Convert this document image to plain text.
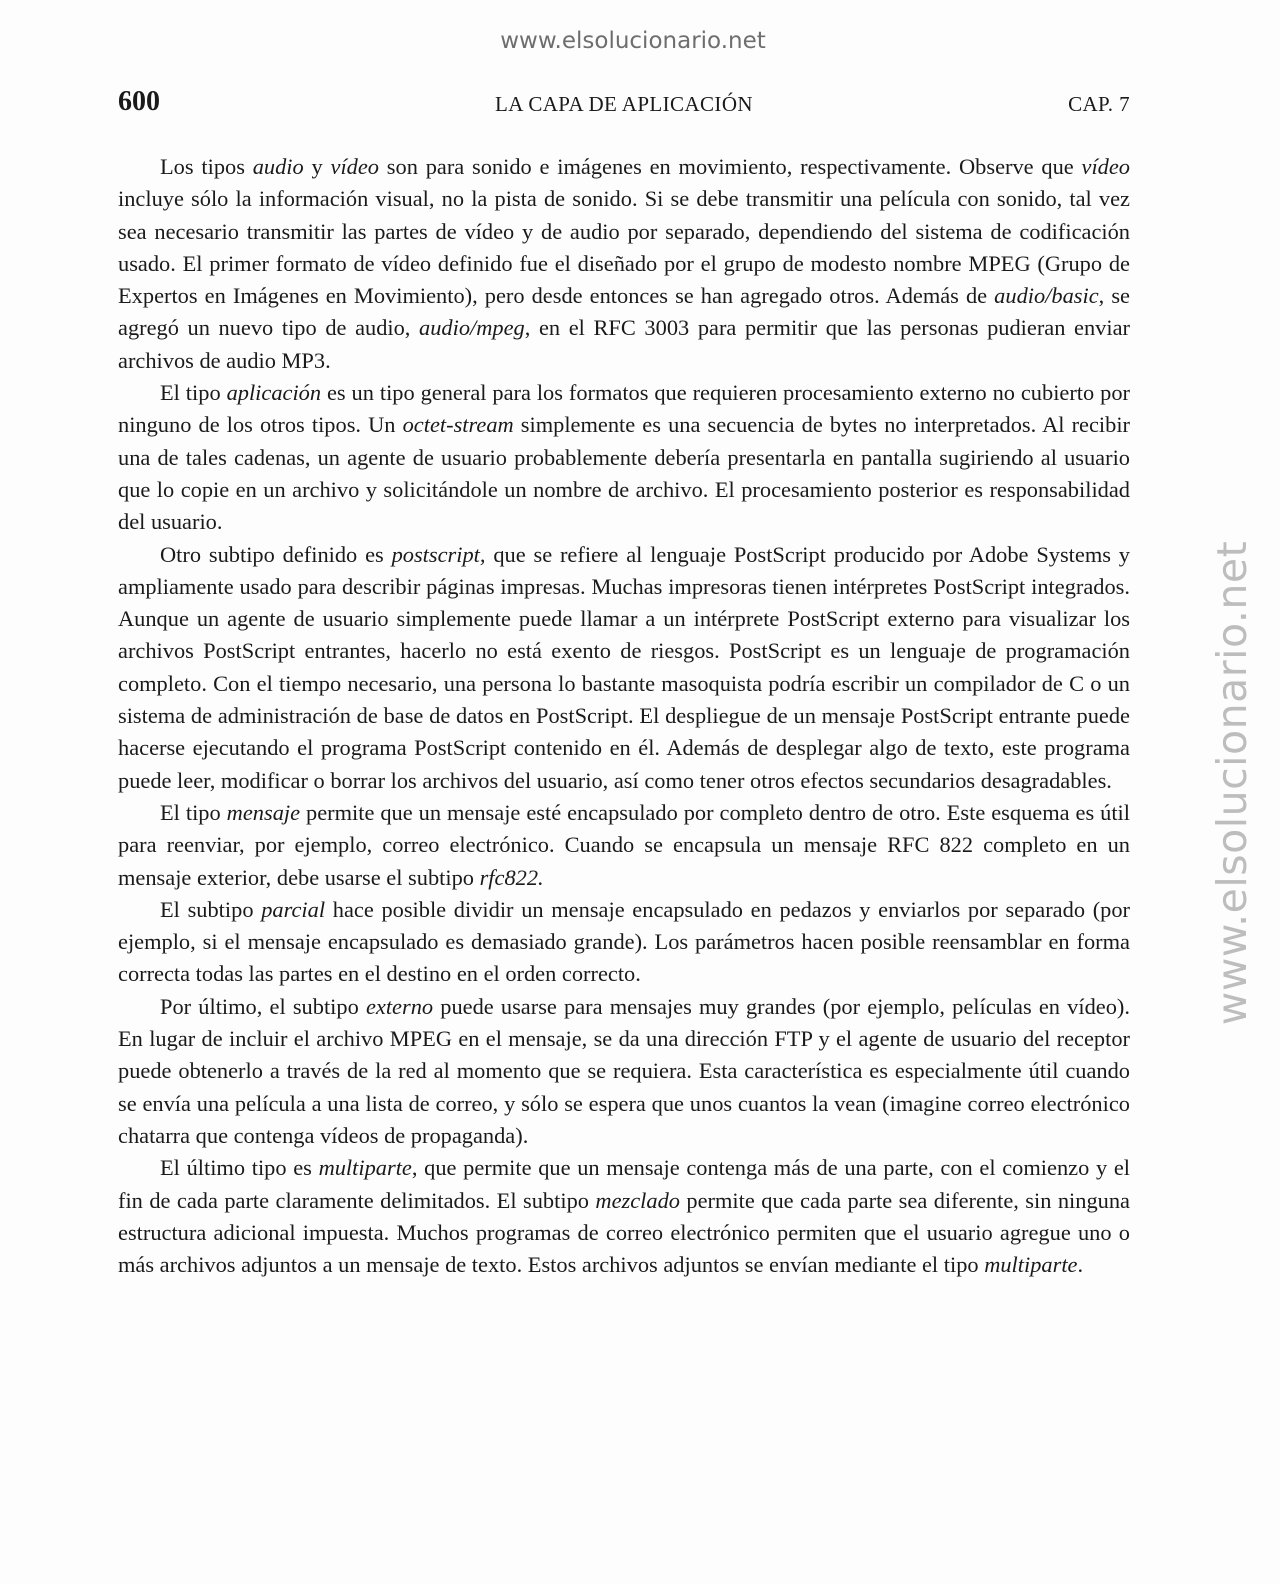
www.elsolucionario.net
www.elsolucionario.net
600	LA CAPA DE APLICACIÓN	CAP. 7

Los tipos audio y vídeo son para sonido e imágenes en movimiento, respectivamente. Observe que vídeo incluye sólo la información visual, no la pista de sonido. Si se debe transmitir una película con sonido, tal vez sea necesario transmitir las partes de vídeo y de audio por separado, dependiendo del sistema de codificación usado. El primer formato de vídeo definido fue el diseñado por el grupo de modesto nombre MPEG (Grupo de Expertos en Imágenes en Movimiento), pero desde entonces se han agregado otros. Además de audio/basic, se agregó un nuevo tipo de audio, audio/mpeg, en el RFC 3003 para permitir que las personas pudieran enviar archivos de audio MP3.

El tipo aplicación es un tipo general para los formatos que requieren procesamiento externo no cubierto por ninguno de los otros tipos. Un octet-stream simplemente es una secuencia de bytes no interpretados. Al recibir una de tales cadenas, un agente de usuario probablemente debería presentarla en pantalla sugiriendo al usuario que lo copie en un archivo y solicitándole un nombre de archivo. El procesamiento posterior es responsabilidad del usuario.

Otro subtipo definido es postscript, que se refiere al lenguaje PostScript producido por Adobe Systems y ampliamente usado para describir páginas impresas. Muchas impresoras tienen intérpretes PostScript integrados. Aunque un agente de usuario simplemente puede llamar a un intérprete PostScript externo para visualizar los archivos PostScript entrantes, hacerlo no está exento de riesgos. PostScript es un lenguaje de programación completo. Con el tiempo necesario, una persona lo bastante masoquista podría escribir un compilador de C o un sistema de administración de base de datos en PostScript. El despliegue de un mensaje PostScript entrante puede hacerse ejecutando el programa PostScript contenido en él. Además de desplegar algo de texto, este programa puede leer, modificar o borrar los archivos del usuario, así como tener otros efectos secundarios desagradables.

El tipo mensaje permite que un mensaje esté encapsulado por completo dentro de otro. Este esquema es útil para reenviar, por ejemplo, correo electrónico. Cuando se encapsula un mensaje RFC 822 completo en un mensaje exterior, debe usarse el subtipo rfc822.

El subtipo parcial hace posible dividir un mensaje encapsulado en pedazos y enviarlos por separado (por ejemplo, si el mensaje encapsulado es demasiado grande). Los parámetros hacen posible reensamblar en forma correcta todas las partes en el destino en el orden correcto.

Por último, el subtipo externo puede usarse para mensajes muy grandes (por ejemplo, películas en vídeo). En lugar de incluir el archivo MPEG en el mensaje, se da una dirección FTP y el agente de usuario del receptor puede obtenerlo a través de la red al momento que se requiera. Esta característica es especialmente útil cuando se envía una película a una lista de correo, y sólo se espera que unos cuantos la vean (imagine correo electrónico chatarra que contenga vídeos de propaganda).

El último tipo es multiparte, que permite que un mensaje contenga más de una parte, con el comienzo y el fin de cada parte claramente delimitados. El subtipo mezclado permite que cada parte sea diferente, sin ninguna estructura adicional impuesta. Muchos programas de correo electrónico permiten que el usuario agregue uno o más archivos adjuntos a un mensaje de texto. Estos archivos adjuntos se envían mediante el tipo multiparte.
